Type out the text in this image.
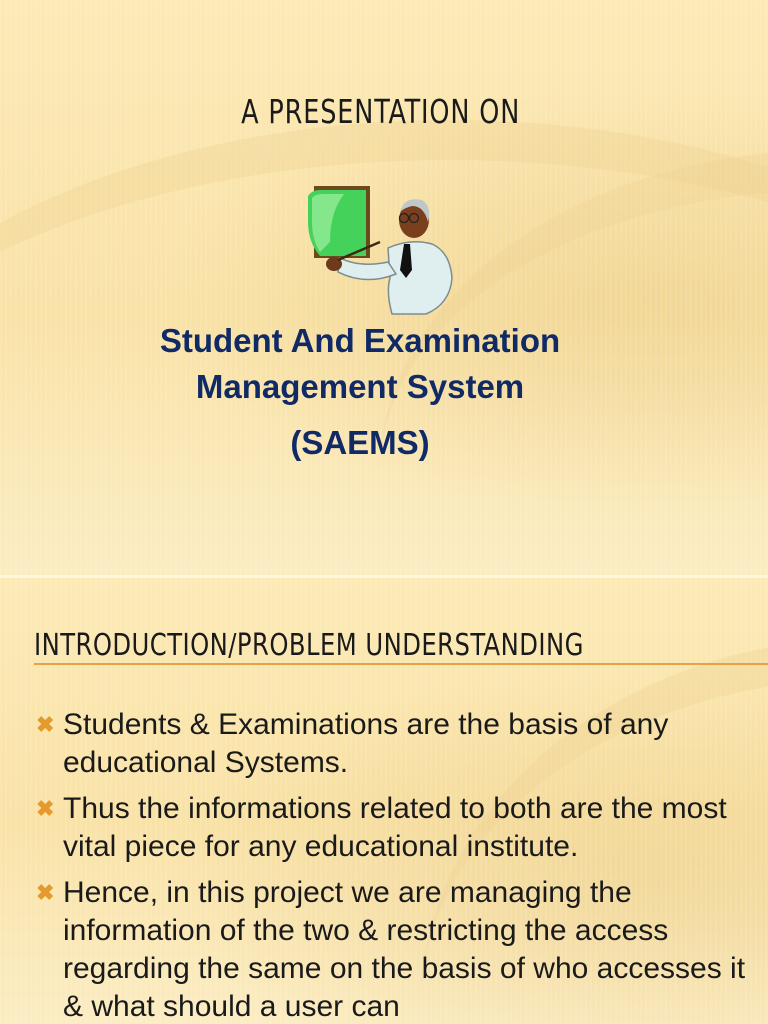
A PRESENTATION ON
Student And Examination
Management System
(SAEMS)
INTRODUCTION/PROBLEM UNDERSTANDING
✖ Students & Examinations are the basis of any educational Systems.
✖ Thus the informations related to both are the most vital piece for any educational institute.
✖ Hence, in this project we are managing the information of the two & restricting the access regarding the same on the basis of who accesses it & what should a user can
